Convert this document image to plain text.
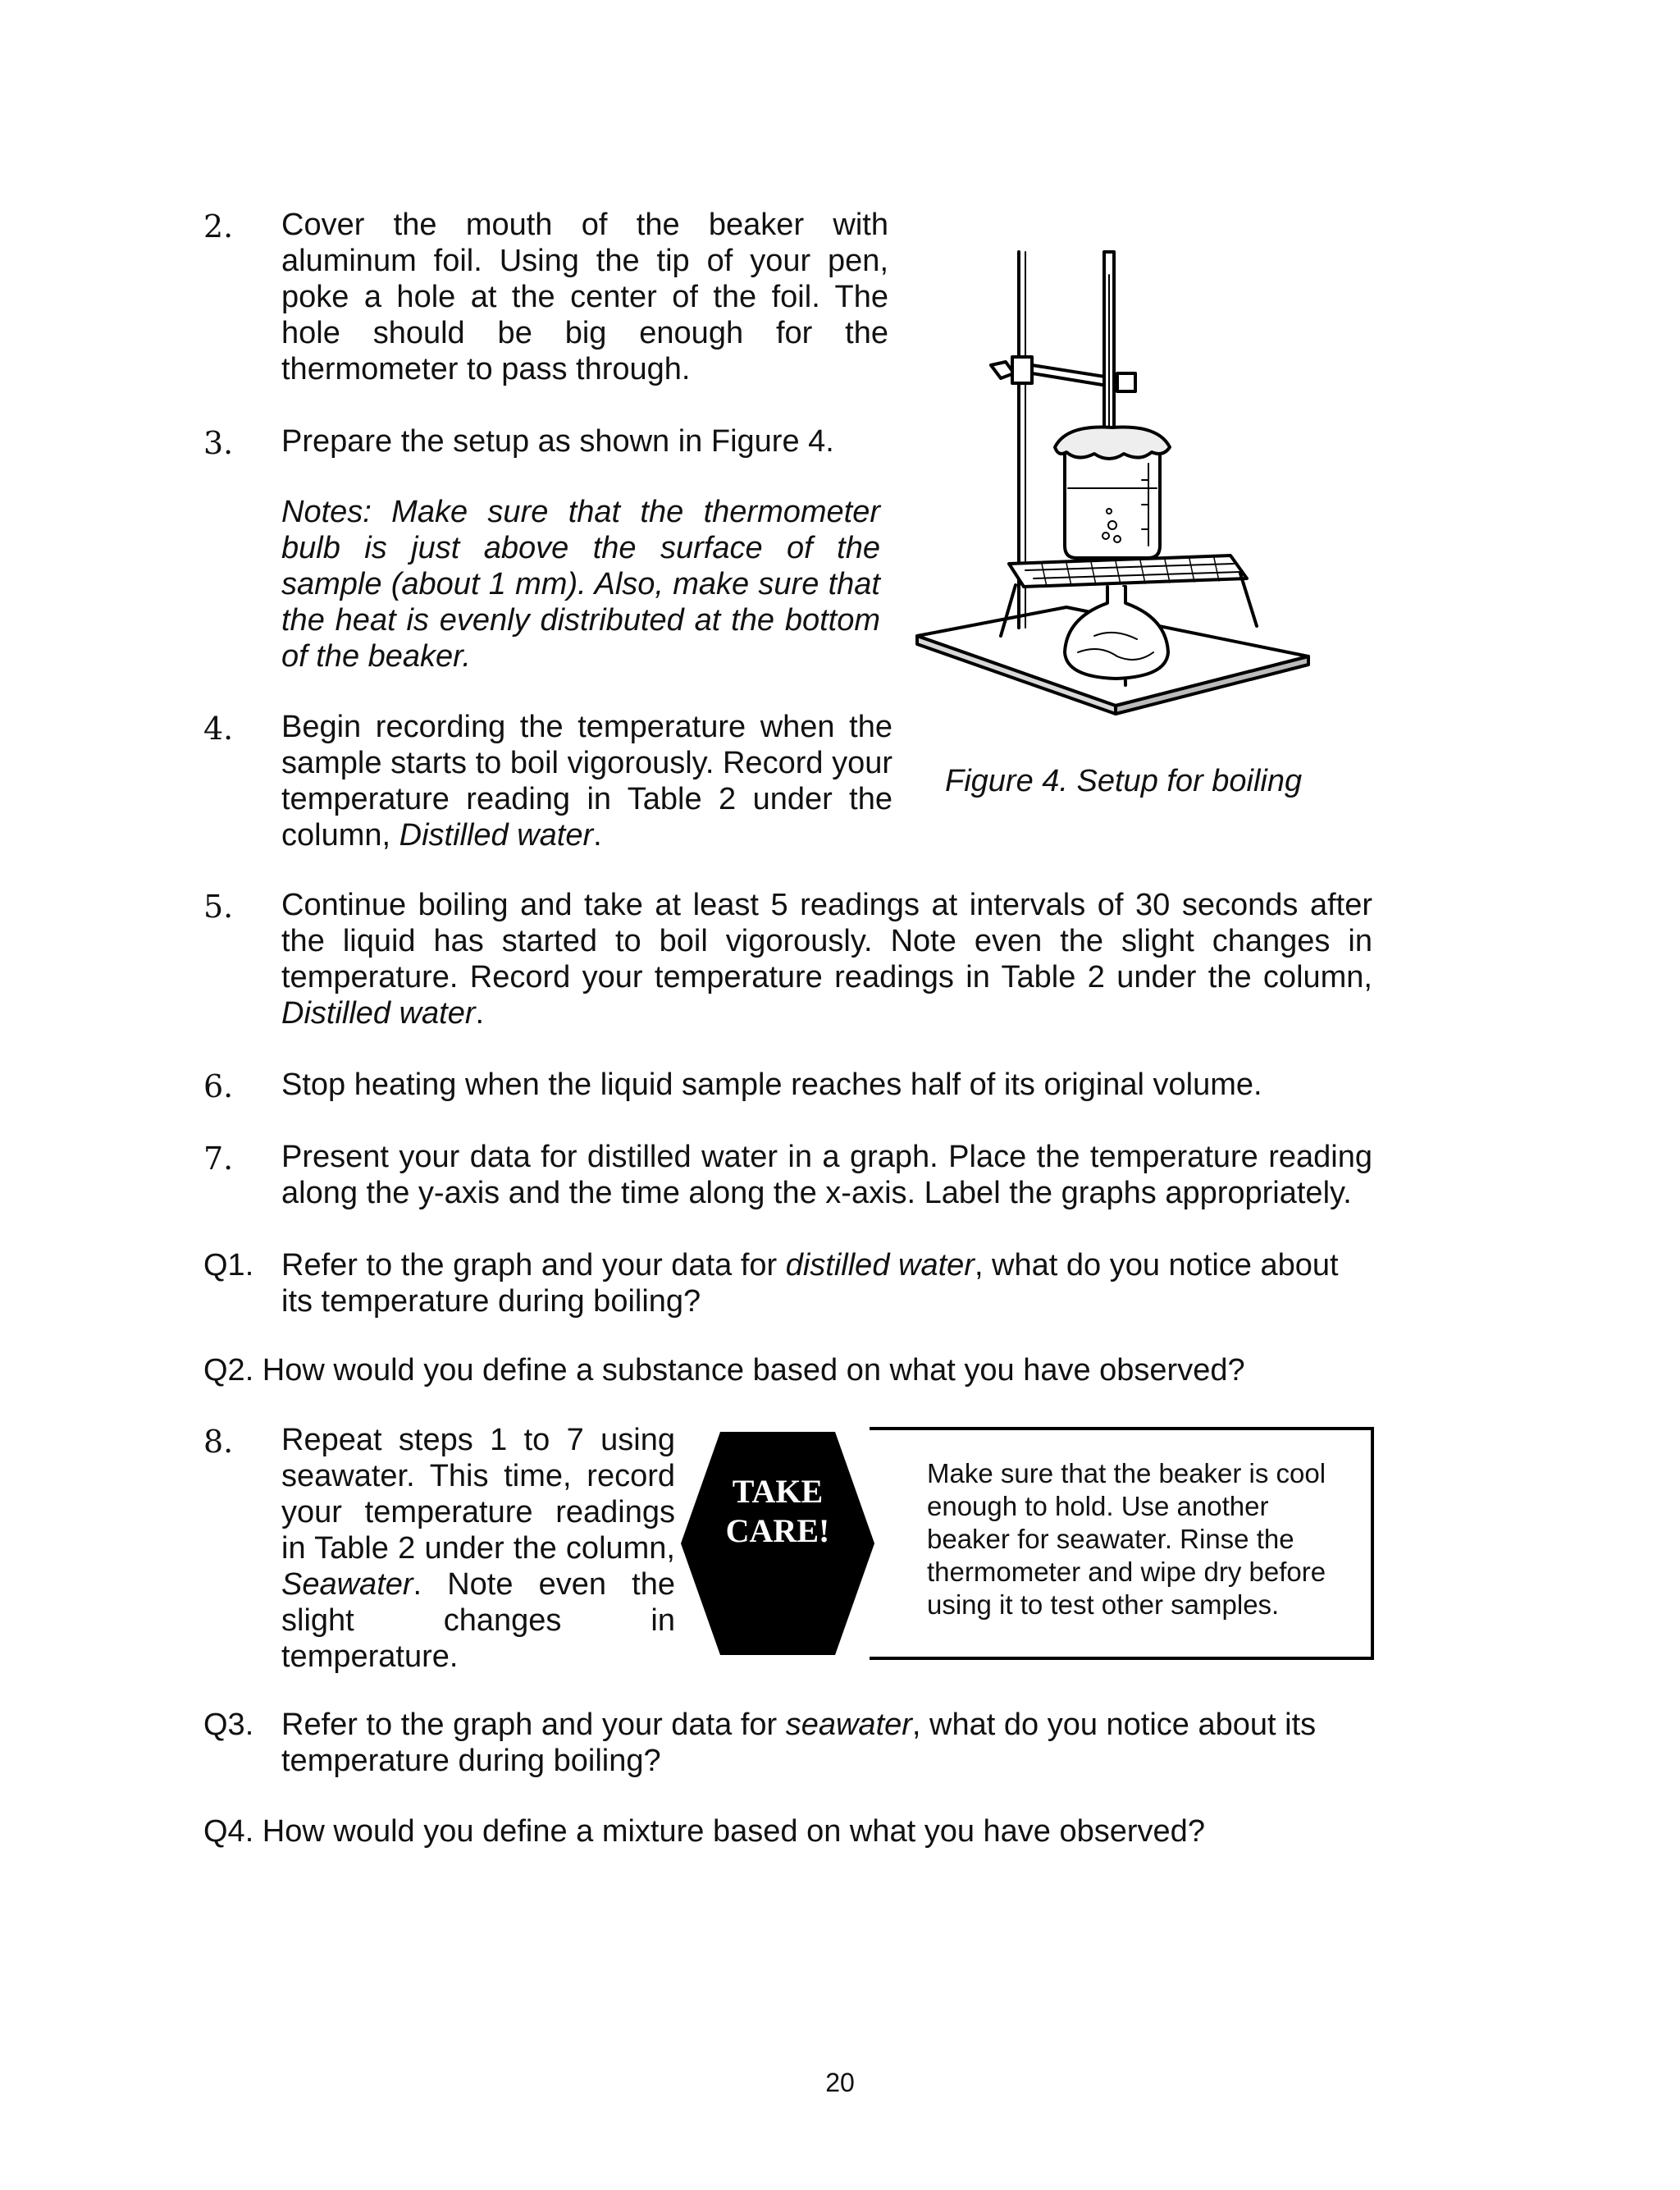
2. Cover the mouth of the beaker with aluminum foil. Using the tip of your pen, poke a hole at the center of the foil. The hole should be big enough for the thermometer to pass through.
3. Prepare the setup as shown in Figure 4.
Notes: Make sure that the thermometer bulb is just above the surface of the sample (about 1 mm). Also, make sure that the heat is evenly distributed at the bottom of the beaker.
4. Begin recording the temperature when the sample starts to boil vigorously. Record your temperature reading in Table 2 under the column, Distilled water.
Figure 4. Setup for boiling
5. Continue boiling and take at least 5 readings at intervals of 30 seconds after the liquid has started to boil vigorously. Note even the slight changes in temperature. Record your temperature readings in Table 2 under the column, Distilled water.
6. Stop heating when the liquid sample reaches half of its original volume.
7. Present your data for distilled water in a graph. Place the temperature reading along the y-axis and the time along the x-axis. Label the graphs appropriately.
Q1. Refer to the graph and your data for distilled water, what do you notice about its temperature during boiling?
Q2. How would you define a substance based on what you have observed?
8. Repeat steps 1 to 7 using seawater. This time, record your temperature readings in Table 2 under the column, Seawater. Note even the slight changes in temperature.
TAKE
CARE!
Make sure that the beaker is cool enough to hold. Use another beaker for seawater. Rinse the thermometer and wipe dry before using it to test other samples.
Q3. Refer to the graph and your data for seawater, what do you notice about its temperature during boiling?
Q4. How would you define a mixture based on what you have observed?
20
